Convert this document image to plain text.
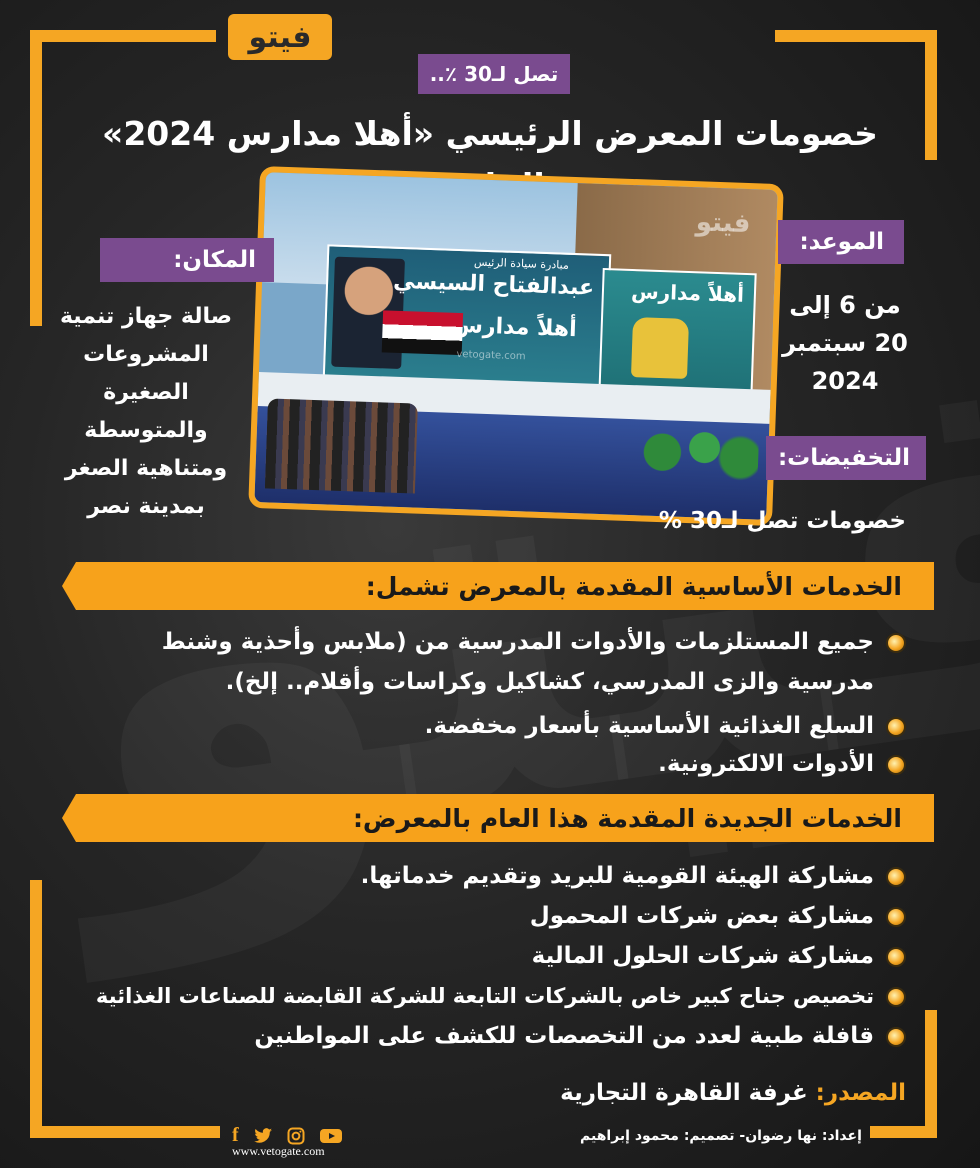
فيتو
تصل لـ30 ٪..
خصومات المعرض الرئيسي «أهلا مدارس 2024»
مبادرة سيادة الرئيس
عبدالفتاح السيسي
أهلاً مدارس
vetogate.com
أهلاً مدارس
فيتو
المكان:
صالة جهاز تنمية
المشروعات
الصغيرة
والمتوسطة
ومتناهية الصغر
بمدينة نصر
الموعد:
من 6 إلى
20 سبتمبر
2024
التخفيضات:
خصومات تصل لـ30 %
الخدمات الأساسية المقدمة بالمعرض تشمل:
جميع المستلزمات والأدوات المدرسية من (ملابس وأحذية وشنط
مدرسية والزى المدرسي، كشاكيل وكراسات وأقلام.. إلخ).
السلع الغذائية الأساسية بأسعار مخفضة.
الأدوات الالكترونية.
الخدمات الجديدة المقدمة هذا العام بالمعرض:
مشاركة الهيئة القومية للبريد وتقديم خدماتها.
مشاركة بعض شركات المحمول
مشاركة شركات الحلول المالية
تخصيص جناح كبير خاص بالشركات التابعة للشركة القابضة للصناعات الغذائية
قافلة طبية لعدد من التخصصات للكشف على المواطنين
المصدر: غرفة القاهرة التجارية
إعداد: نها رضوان- تصميم: محمود إبراهيم
f
www.vetogate.com
